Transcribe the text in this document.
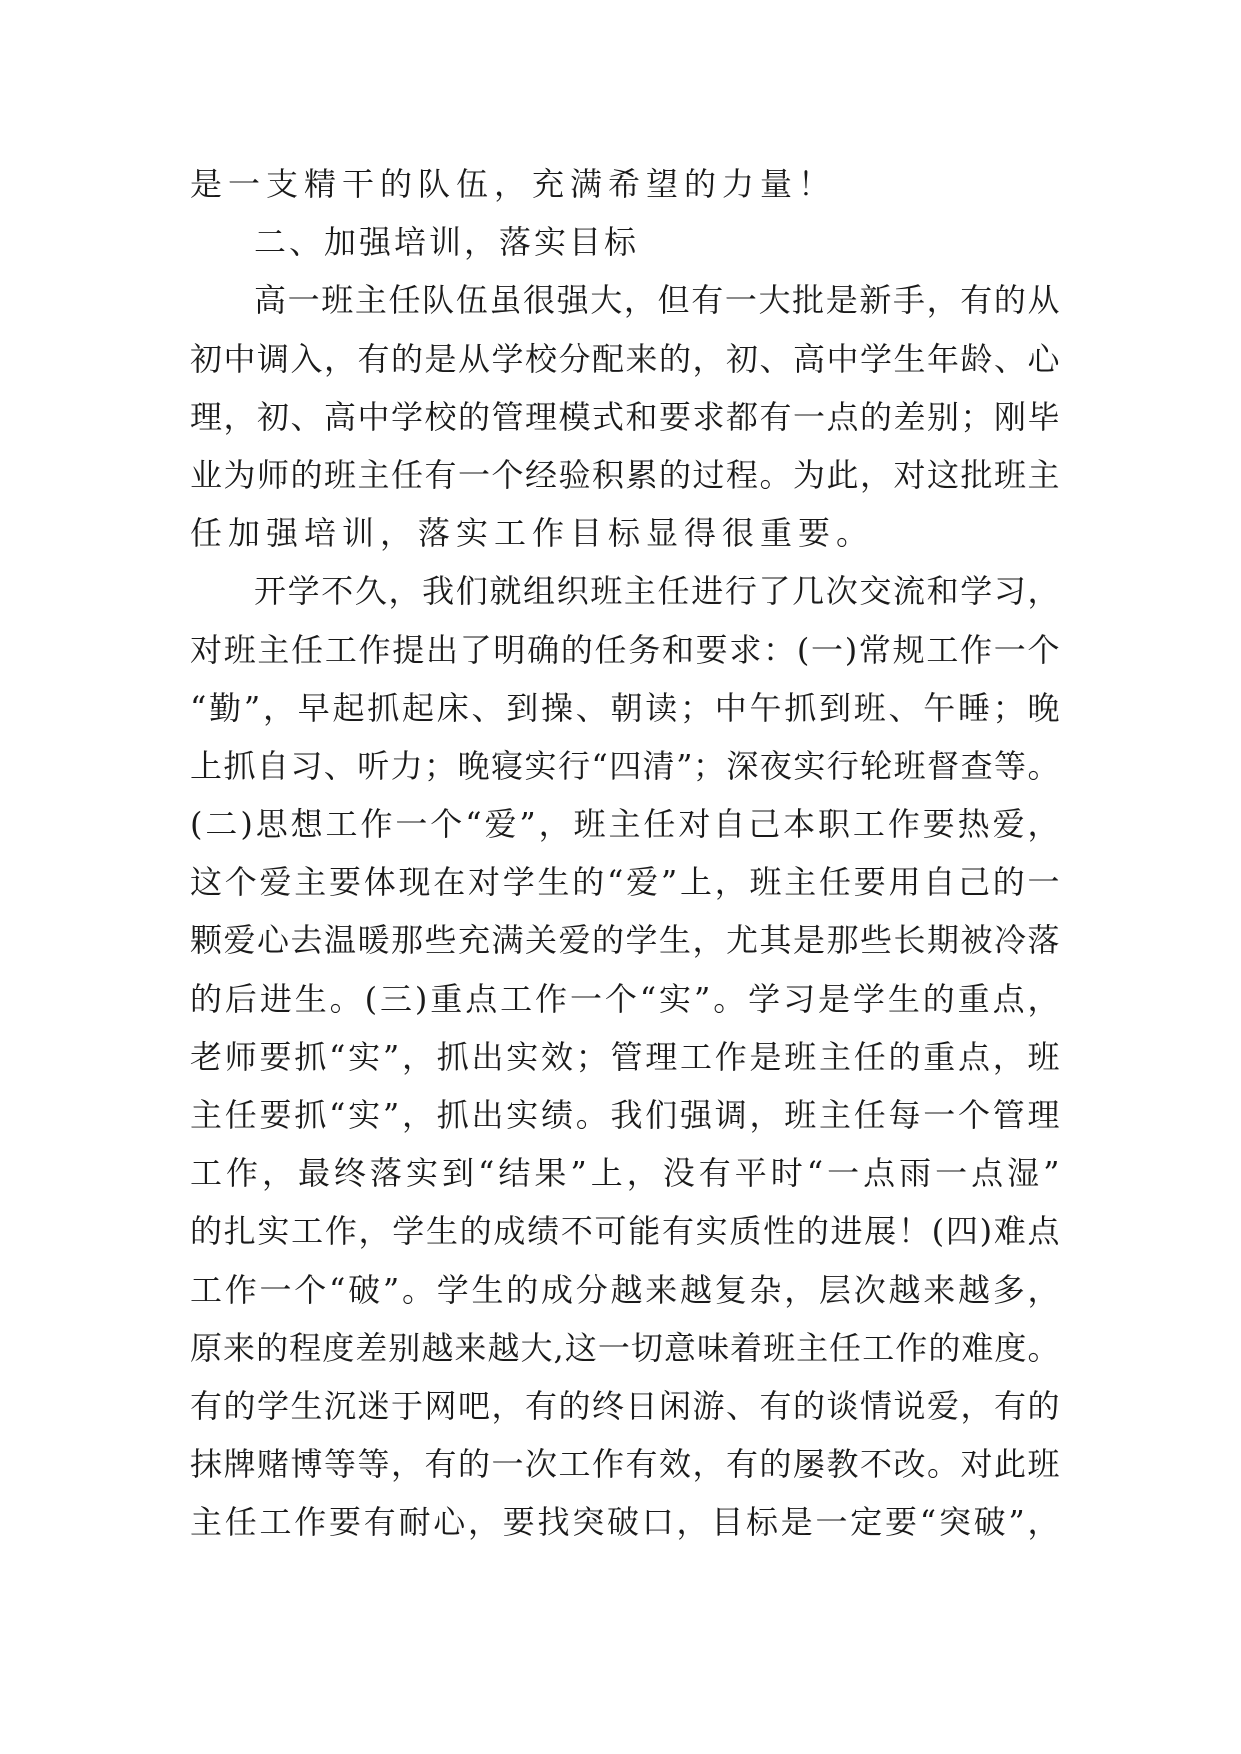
是一支精干的队伍，充满希望的力量！
二、加强培训，落实目标
高一班主任队伍虽很强大，但有一大批是新手，有的从
初中调入，有的是从学校分配来的，初、高中学生年龄、心
理，初、高中学校的管理模式和要求都有一点的差别；刚毕
业为师的班主任有一个经验积累的过程。为此，对这批班主
任加强培训，落实工作目标显得很重要。
开学不久，我们就组织班主任进行了几次交流和学习，
对班主任工作提出了明确的任务和要求：(一)常规工作一个
“勤”，早起抓起床、到操、朝读；中午抓到班、午睡；晚
上抓自习、听力；晚寝实行“四清”；深夜实行轮班督查等。
(二)思想工作一个“爱”，班主任对自己本职工作要热爱，
这个爱主要体现在对学生的“爱”上，班主任要用自己的一
颗爱心去温暖那些充满关爱的学生，尤其是那些长期被冷落
的后进生。(三)重点工作一个“实”。学习是学生的重点，
老师要抓“实”，抓出实效；管理工作是班主任的重点，班
主任要抓“实”，抓出实绩。我们强调，班主任每一个管理
工作，最终落实到“结果”上，没有平时“一点雨一点湿”
的扎实工作，学生的成绩不可能有实质性的进展！(四)难点
工作一个“破”。学生的成分越来越复杂，层次越来越多，
原来的程度差别越来越大,这一切意味着班主任工作的难度。
有的学生沉迷于网吧，有的终日闲游、有的谈情说爱，有的
抹牌赌博等等，有的一次工作有效，有的屡教不改。对此班
主任工作要有耐心，要找突破口，目标是一定要“突破”，
